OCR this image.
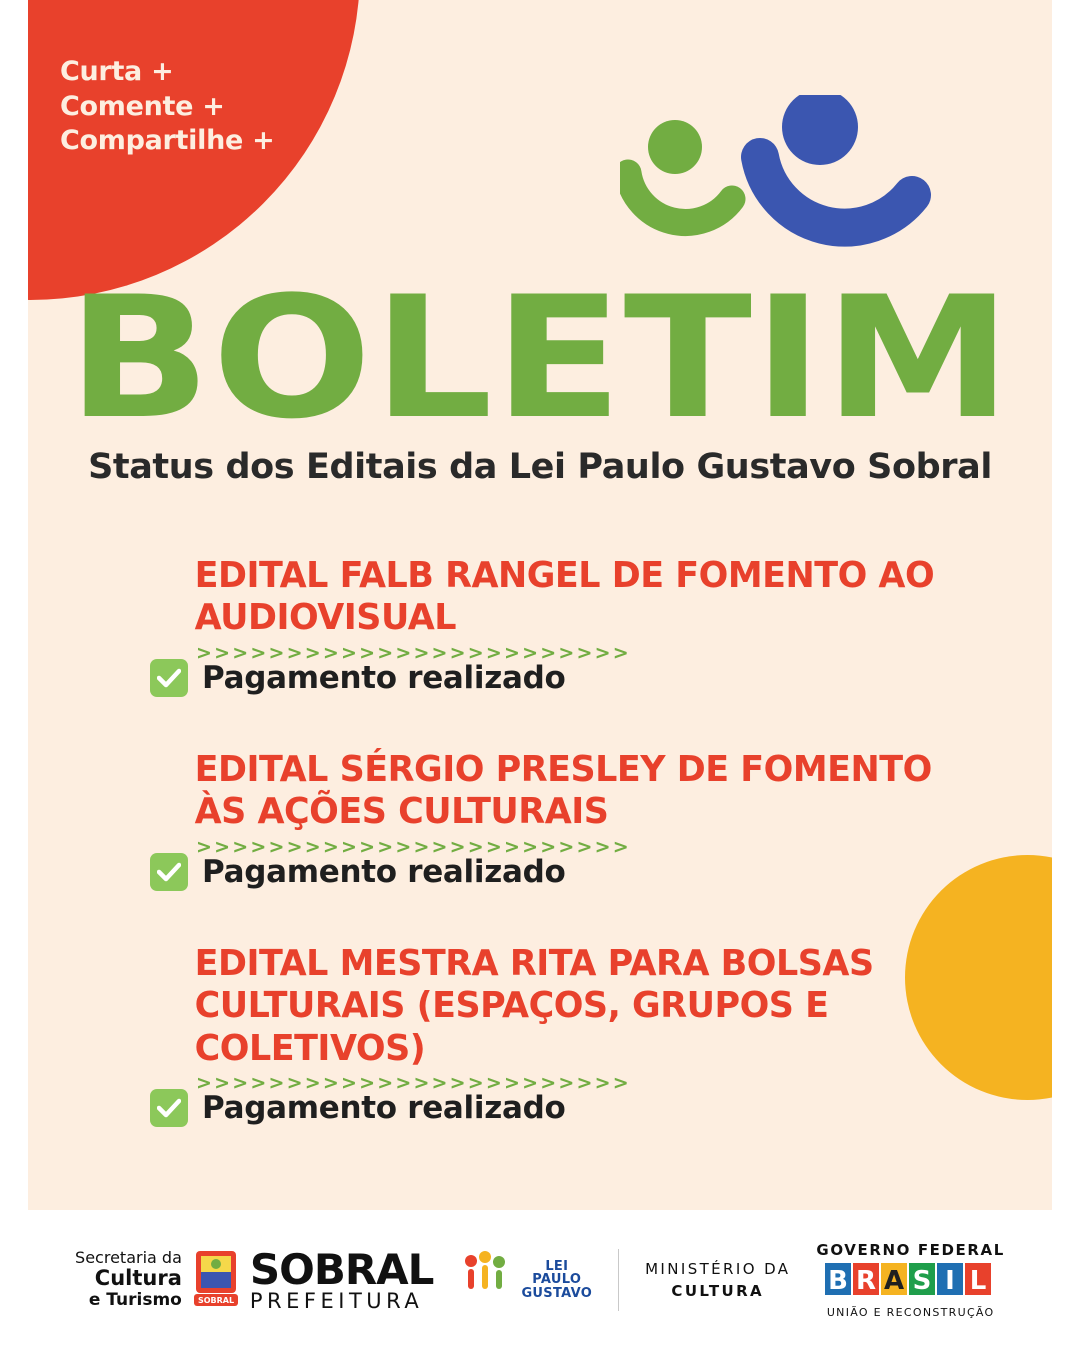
Curta +
Comente +
Compartilhe +
BOLETIM
Status dos Editais da Lei Paulo Gustavo Sobral
EDITAL FALB RANGEL DE FOMENTO AO AUDIOVISUAL
>>>>>>>>>>>>>>>>>>>>>>>>
Pagamento realizado
EDITAL SÉRGIO PRESLEY DE FOMENTO ÀS AÇÕES CULTURAIS
>>>>>>>>>>>>>>>>>>>>>>>>
Pagamento realizado
EDITAL MESTRA RITA PARA BOLSAS CULTURAIS (ESPAÇOS, GRUPOS E COLETIVOS)
>>>>>>>>>>>>>>>>>>>>>>>>
Pagamento realizado
Secretaria da
Cultura
e Turismo SOBRAL
SOBRAL
PREFEITURA
LEI
PAULO
GUSTAVO
MINISTÉRIO DA
CULTURA
GOVERNO FEDERAL
B R A S I L
UNIÃO E RECONSTRUÇÃO
